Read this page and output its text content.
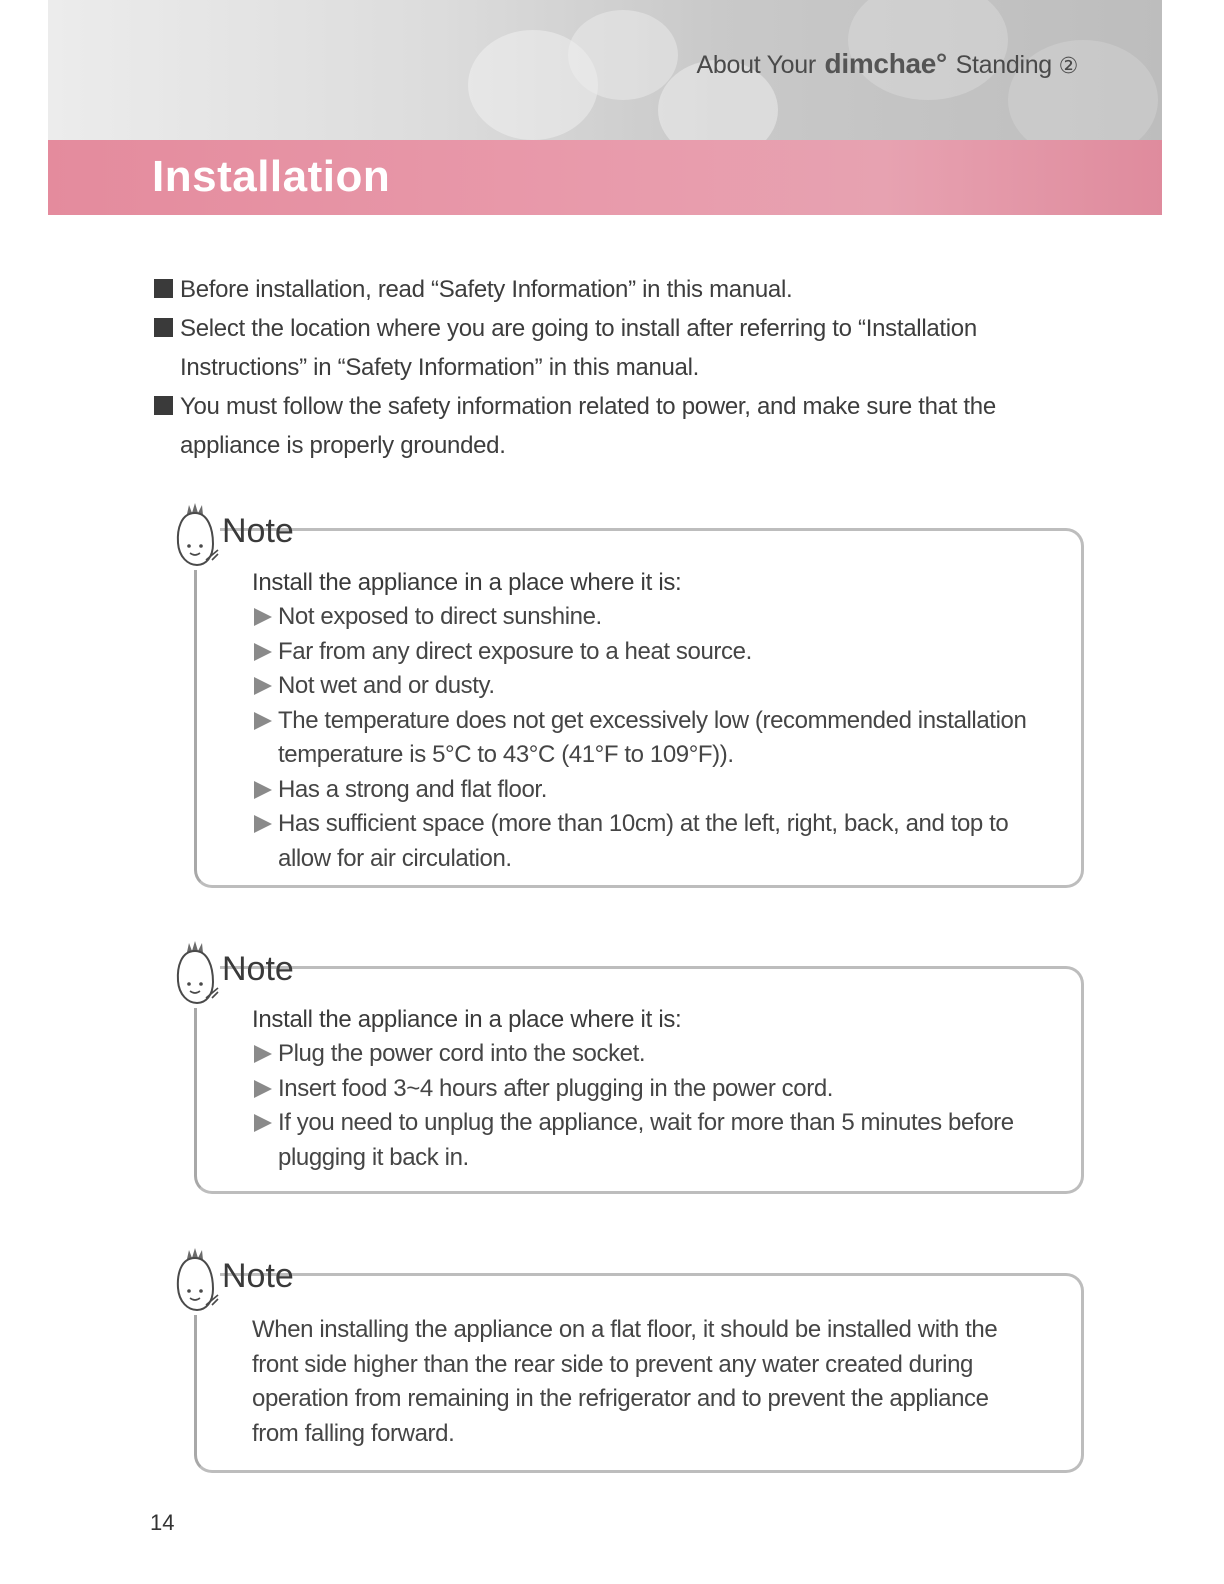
About Your dimchae° Standing ②
Installation
Before installation, read “Safety Information” in this manual.
Select the location where you are going to install after referring to “Installation Instructions” in “Safety Information” in this manual.
You must follow the safety information related to power, and make sure that the appliance is properly grounded.
Note
Install the appliance in a place where it is:
Not exposed to direct sunshine.
Far from any direct exposure to a heat source.
Not wet and or dusty.
The temperature does not get excessively low (recommended installation temperature is 5°C to 43°C (41°F to 109°F)).
Has a strong and flat floor.
Has sufficient space (more than 10cm) at the left, right, back, and top to allow for air circulation.
Note
Install the appliance in a place where it is:
Plug the power cord into the socket.
Insert food 3~4 hours after plugging in the power cord.
If you need to unplug the appliance, wait for more than 5 minutes before plugging it back in.
Note
When installing the appliance on a flat floor, it should be installed with the front side higher than the rear side to prevent any water created during operation from remaining in the refrigerator and to prevent the appliance from falling forward.
14
